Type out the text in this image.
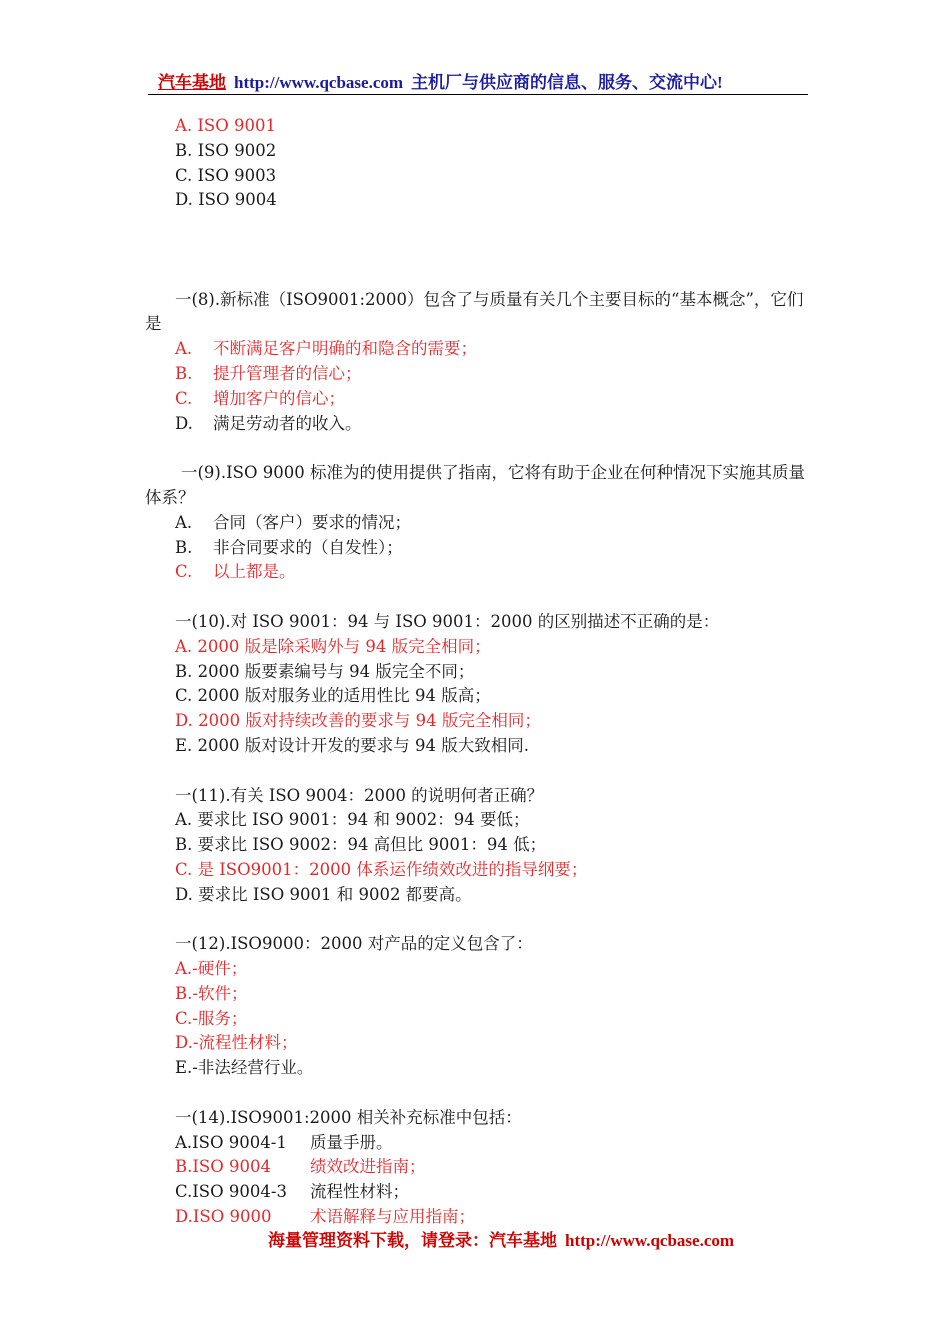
汽车基地 http://www.qcbase.com 主机厂与供应商的信息、服务、交流中心!
A. ISO 9001
B. ISO 9002
C. ISO 9003
D. ISO 9004
一(8).新标准（ISO9001:2000）包含了与质量有关几个主要目标的“基本概念”，它们是
A. 不断满足客户明确的和隐含的需要；
B. 提升管理者的信心；
C. 增加客户的信心；
D. 满足劳动者的收入。
一(9).ISO 9000 标准为的使用提供了指南，它将有助于企业在何种情况下实施其质量体系？
A. 合同（客户）要求的情况；
B. 非合同要求的（自发性）；
C. 以上都是。
一(10).对 ISO 9001：94 与 ISO 9001：2000 的区别描述不正确的是：
A. 2000 版是除采购外与 94 版完全相同；
B. 2000 版要素编号与 94 版完全不同；
C. 2000 版对服务业的适用性比 94 版高；
D. 2000 版对持续改善的要求与 94 版完全相同；
E. 2000 版对设计开发的要求与 94 版大致相同.
一(11).有关 ISO 9004：2000 的说明何者正确？
A. 要求比 ISO 9001：94 和 9002：94 要低；
B. 要求比 ISO 9002：94 高但比 9001：94 低；
C. 是 ISO9001：2000 体系运作绩效改进的指导纲要；
D. 要求比 ISO 9001 和 9002 都要高。
一(12).ISO9000：2000 对产品的定义包含了：
A.-硬件；
B.-软件；
C.-服务；
D.-流程性材料；
E.-非法经营行业。
一(14).ISO9001:2000 相关补充标准中包括：
A.ISO 9004-1 质量手册。
B.ISO 9004 绩效改进指南；
C.ISO 9004-3 流程性材料；
D.ISO 9000 术语解释与应用指南；
海量管理资料下载，请登录：汽车基地 http://www.qcbase.com
